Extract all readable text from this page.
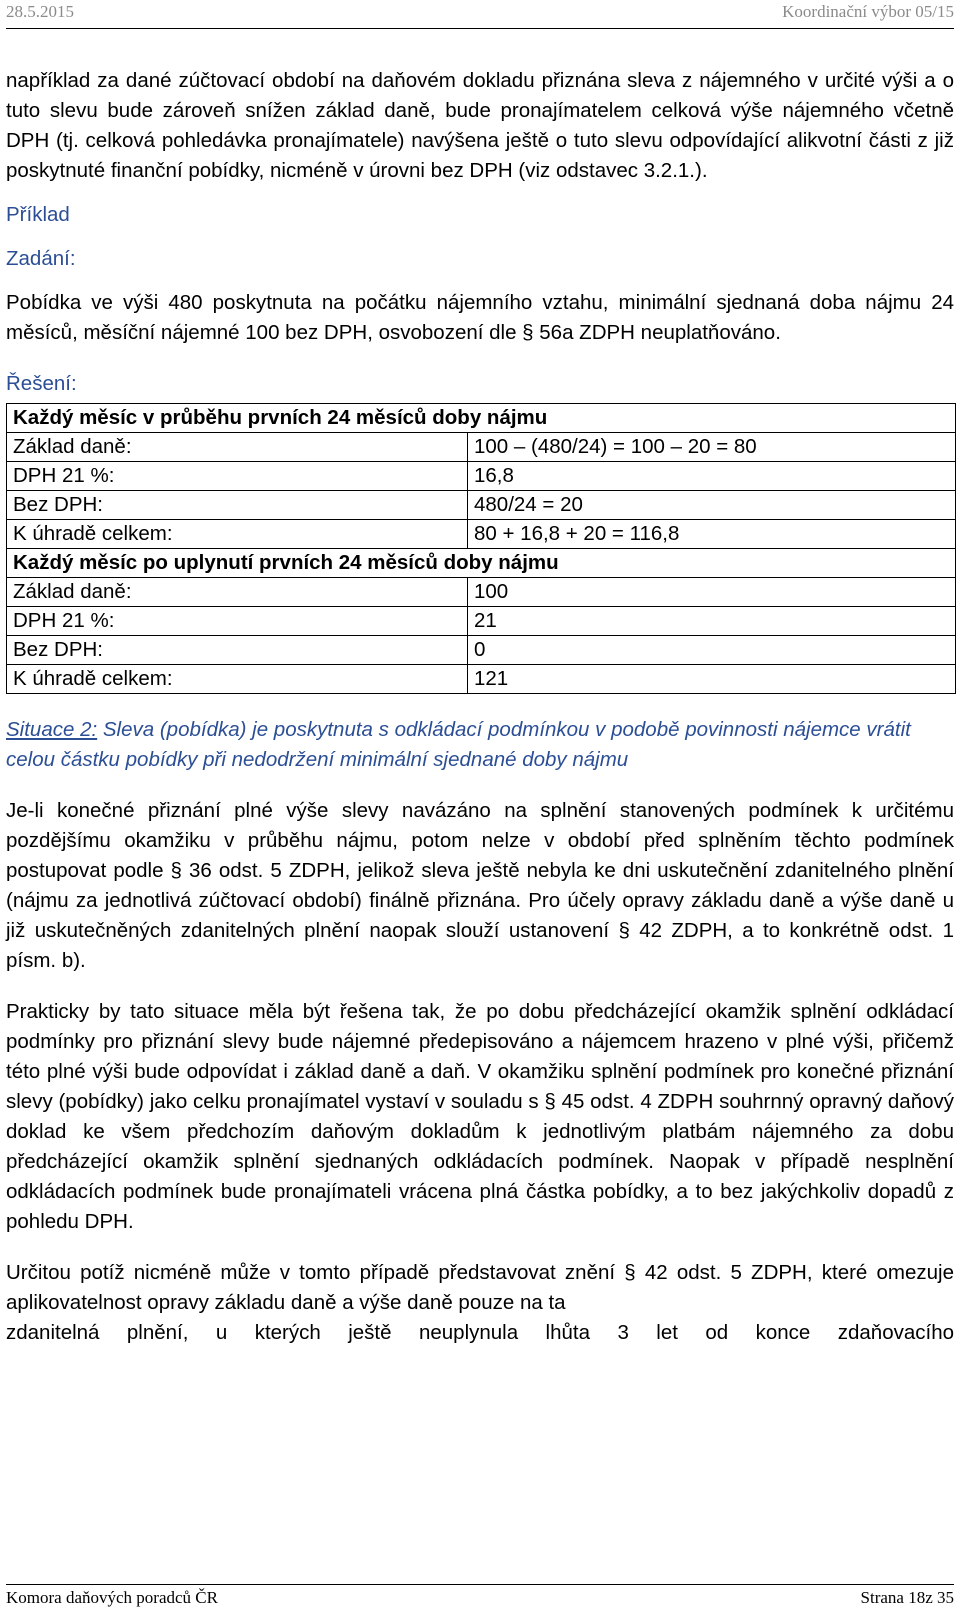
28.5.2015	Koordinační výbor 05/15

například za dané zúčtovací období na daňovém dokladu přiznána sleva z nájemného v určité výši a o tuto slevu bude zároveň snížen základ daně, bude pronajímatelem celková výše nájemného včetně DPH (tj. celková pohledávka pronajímatele) navýšena ještě o tuto slevu odpovídající alikvotní části z již poskytnuté finanční pobídky, nicméně v úrovni bez DPH (viz odstavec 3.2.1.).

Příklad

Zadání:

Pobídka ve výši 480 poskytnuta na počátku nájemního vztahu, minimální sjednaná doba nájmu 24 měsíců, měsíční nájemné 100 bez DPH, osvobození dle § 56a ZDPH neuplatňováno.

Řešení:

Každý měsíc v průběhu prvních 24 měsíců doby nájmu	
Základ daně:	100 – (480/24) = 100 – 20 = 80
DPH 21 %:	16,8
Bez DPH:	480/24 = 20
K úhradě celkem:	80 + 16,8 + 20 = 116,8
Každý měsíc po uplynutí prvních 24 měsíců doby nájmu	
Základ daně:	100
DPH 21 %:	21
Bez DPH:	0
K úhradě celkem:	121

Situace 2: Sleva (pobídka) je poskytnuta s odkládací podmínkou v podobě povinnosti nájemce vrátit celou částku pobídky při nedodržení minimální sjednané doby nájmu

Je-li konečné přiznání plné výše slevy navázáno na splnění stanovených podmínek k určitému pozdějšímu okamžiku v průběhu nájmu, potom nelze v období před splněním těchto podmínek postupovat podle § 36 odst. 5 ZDPH, jelikož sleva ještě nebyla ke dni uskutečnění zdanitelného plnění (nájmu za jednotlivá zúčtovací období) finálně přiznána. Pro účely opravy základu daně a výše daně u již uskutečněných zdanitelných plnění naopak slouží ustanovení § 42 ZDPH, a to konkrétně odst. 1 písm. b).

Prakticky by tato situace měla být řešena tak, že po dobu předcházející okamžik splnění odkládací podmínky pro přiznání slevy bude nájemné předepisováno a nájemcem hrazeno v plné výši, přičemž této plné výši bude odpovídat i základ daně a daň. V okamžiku splnění podmínek pro konečné přiznání slevy (pobídky) jako celku pronajímatel vystaví v souladu s § 45 odst. 4 ZDPH souhrnný opravný daňový doklad ke všem předchozím daňovým dokladům k jednotlivým platbám nájemného za dobu předcházející okamžik splnění sjednaných odkládacích podmínek. Naopak v případě nesplnění odkládacích podmínek bude pronajímateli vrácena plná částka pobídky, a to bez jakýchkoliv dopadů z pohledu DPH.

Určitou potíž nicméně může v tomto případě představovat znění § 42 odst. 5 ZDPH, které omezuje aplikovatelnost opravy základu daně a výše daně pouze na ta
zdanitelná plnění, u kterých ještě neuplynula lhůta 3 let od konce zdaňovacího

Komora daňových poradců ČR	Strana 18z 35
